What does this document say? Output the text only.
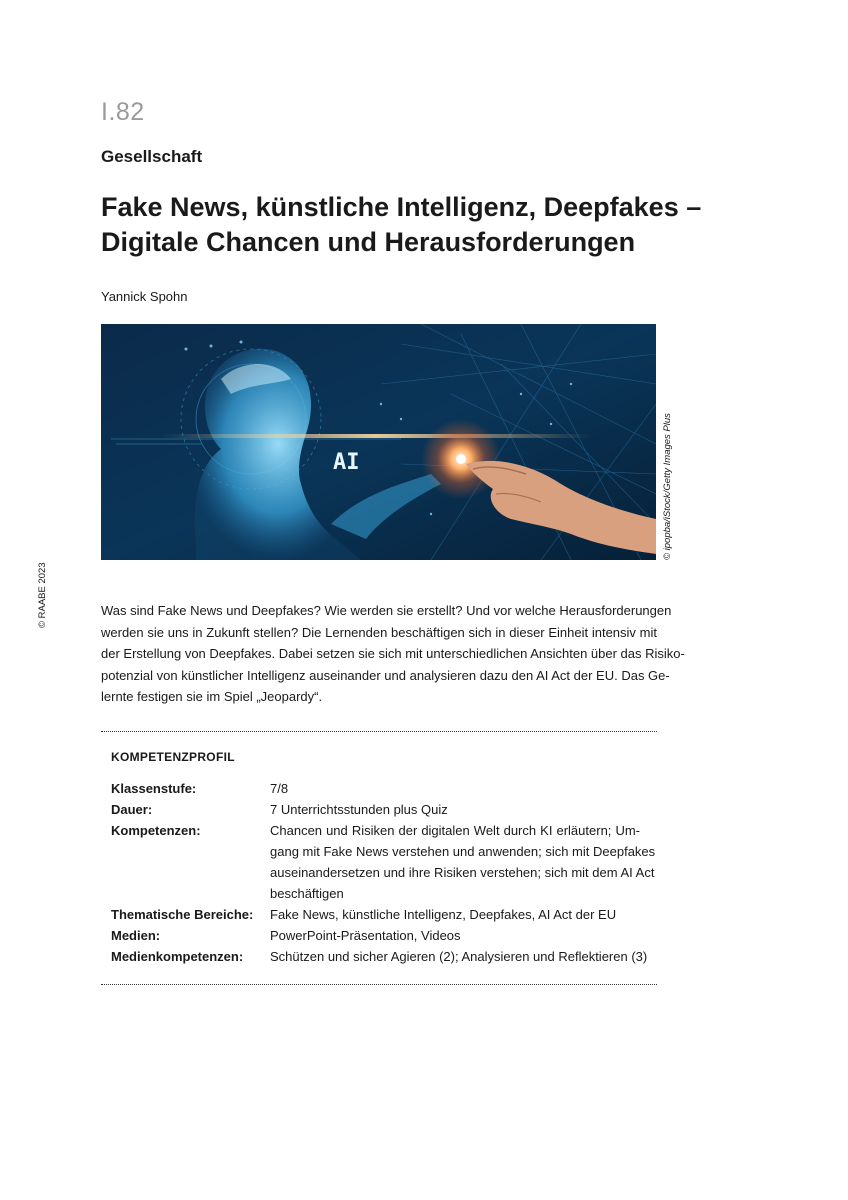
I.82
Gesellschaft
Fake News, künstliche Intelligenz, Deepfakes –
Digitale Chancen und Herausforderungen
Yannick Spohn
AI	© ipopba/iStock/Getty Images Plus
© RAABE 2023	Was sind Fake News und Deepfakes? Wie werden sie erstellt? Und vor welche Herausforderungen
werden sie uns in Zukunft stellen? Die Lernenden beschäftigen sich in dieser Einheit intensiv mit
der Erstellung von Deepfakes. Dabei setzen sie sich mit unterschiedlichen Ansichten über das Risiko-
potenzial von künstlicher Intelligenz auseinander und analysieren dazu den AI Act der EU. Das Ge-
lernte festigen sie im Spiel „Jeopardy“.
KOMPETENZPROFIL
Klassenstufe:	7/8
Dauer:	7 Unterrichtsstunden plus Quiz
Kompetenzen:	Chancen und Risiken der digitalen Welt durch KI erläutern; Um-
gang mit Fake News verstehen und anwenden; sich mit Deepfakes
auseinandersetzen und ihre Risiken verstehen; sich mit dem AI Act
beschäftigen
Thematische Bereiche:	Fake News, künstliche Intelligenz, Deepfakes, AI Act der EU
Medien:	PowerPoint-Präsentation, Videos
Medienkompetenzen:	Schützen und sicher Agieren (2); Analysieren und Reflektieren (3)
